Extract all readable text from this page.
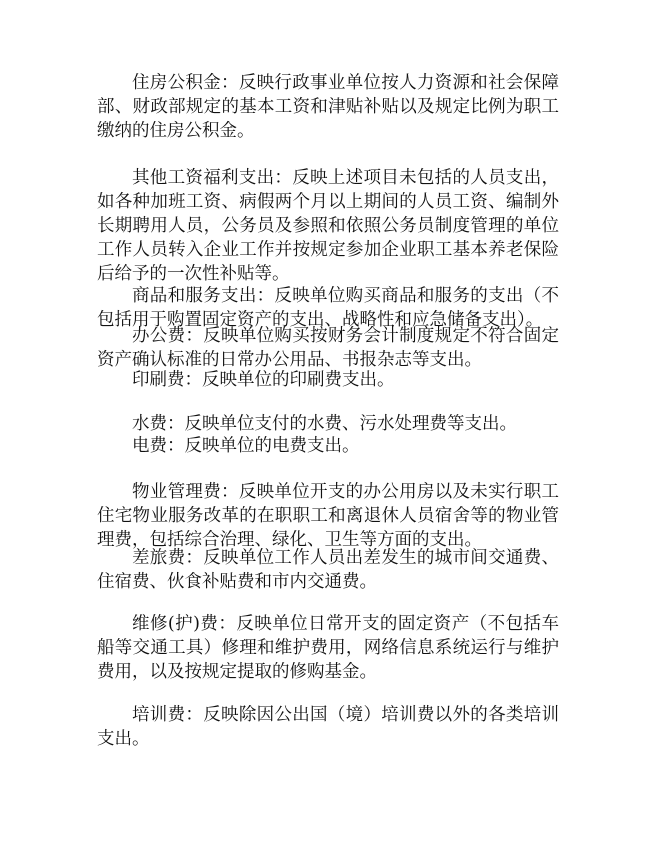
住房公积金：反映行政事业单位按人力资源和社会保障部、财政部规定的基本工资和津贴补贴以及规定比例为职工缴纳的住房公积金。

其他工资福利支出：反映上述项目未包括的人员支出，如各种加班工资、病假两个月以上期间的人员工资、编制外长期聘用人员，公务员及参照和依照公务员制度管理的单位工作人员转入企业工作并按规定参加企业职工基本养老保险后给予的一次性补贴等。

商品和服务支出：反映单位购买商品和服务的支出（不包括用于购置固定资产的支出、战略性和应急储备支出）。

办公费：反映单位购买按财务会计制度规定不符合固定资产确认标准的日常办公用品、书报杂志等支出。

印刷费：反映单位的印刷费支出。

水费：反映单位支付的水费、污水处理费等支出。

电费：反映单位的电费支出。

物业管理费：反映单位开支的办公用房以及未实行职工住宅物业服务改革的在职职工和离退休人员宿舍等的物业管理费，包括综合治理、绿化、卫生等方面的支出。

差旅费：反映单位工作人员出差发生的城市间交通费、住宿费、伙食补贴费和市内交通费。

维修(护)费：反映单位日常开支的固定资产（不包括车船等交通工具）修理和维护费用，网络信息系统运行与维护费用，以及按规定提取的修购基金。

培训费：反映除因公出国（境）培训费以外的各类培训支出。
